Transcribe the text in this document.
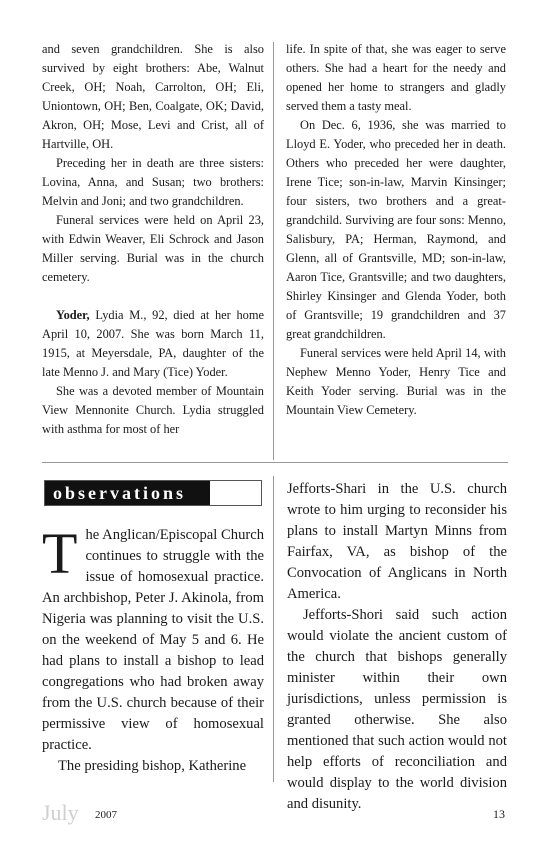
and seven grandchildren. She is also survived by eight brothers: Abe, Walnut Creek, OH; Noah, Carrolton, OH; Eli, Uniontown, OH; Ben, Coalgate, OK; David, Akron, OH; Mose, Levi and Crist, all of Hartville, OH.

Preceding her in death are three sisters: Lovina, Anna, and Susan; two brothers: Melvin and Joni; and two grandchildren.

Funeral services were held on April 23, with Edwin Weaver, Eli Schrock and Jason Miller serving. Burial was in the church cemetery.

Yoder, Lydia M., 92, died at her home April 10, 2007. She was born March 11, 1915, at Meyersdale, PA, daughter of the late Menno J. and Mary (Tice) Yoder.

She was a devoted member of Mountain View Mennonite Church. Lydia struggled with asthma for most of her

life. In spite of that, she was eager to serve others. She had a heart for the needy and opened her home to strangers and gladly served them a tasty meal.

On Dec. 6, 1936, she was married to Lloyd E. Yoder, who preceded her in death. Others who preceded her were daughter, Irene Tice; son-in-law, Marvin Kinsinger; four sisters, two brothers and a great-grandchild. Surviving are four sons: Menno, Salisbury, PA; Herman, Raymond, and Glenn, all of Grantsville, MD; son-in-law, Aaron Tice, Grantsville; and two daughters, Shirley Kinsinger and Glenda Yoder, both of Grantsville; 19 grandchildren and 37 great grandchildren.

Funeral services were held April 14, with Nephew Menno Yoder, Henry Tice and Keith Yoder serving. Burial was in the Mountain View Cemetery.

observations

The Anglican/Episcopal Church continues to struggle with the issue of homosexual practice. An archbishop, Peter J. Akinola, from Nigeria was planning to visit the U.S. on the weekend of May 5 and 6. He had plans to install a bishop to lead congregations who had broken away from the U.S. church because of their permissive view of homosexual practice.

The presiding bishop, Katherine

Jefforts-Shari in the U.S. church wrote to him urging to reconsider his plans to install Martyn Minns from Fairfax, VA, as bishop of the Convocation of Anglicans in North America.

Jefforts-Shori said such action would violate the ancient custom of the church that bishops generally minister within their own jurisdictions, unless permission is granted otherwise. She also mentioned that such action would not help efforts of reconciliation and would display to the world division and disunity.

July 2007	13
